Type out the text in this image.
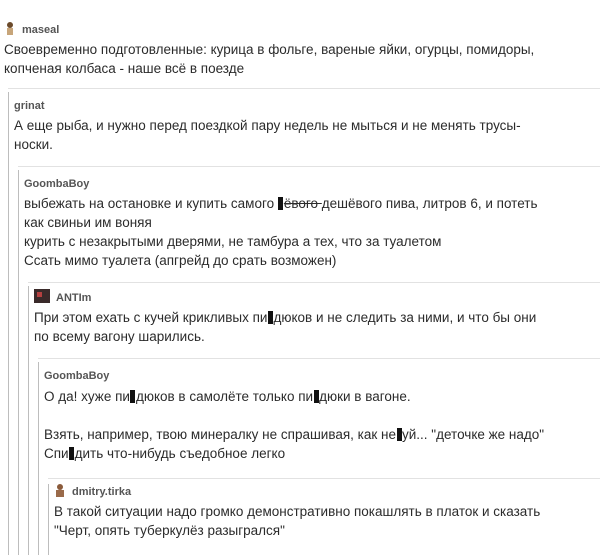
maseal
Своевременно подготовленные: курица в фольге, вареные яйки, огурцы, помидоры,
копченая колбаса - наше всё в поезде
grinat
А еще рыба, и нужно перед поездкой пару недель не мыться и не менять трусы-
носки.
GoombaBoy
выбежать на остановке и купить самого ёвого дешёвого пива, литров 6, и потеть
как свиньи им воняя
курить с незакрытыми дверями, не тамбура а тех, что за туалетом
Ссать мимо туалета (апгрейд до срать возможен)
ANTIm
При этом ехать с кучей крикливых пи дюков и не следить за ними, и что бы они
по всему вагону шарились.
GoombaBoy
О да! хуже пи дюков в самолёте только пи дюки в вагоне.
Взять, например, твою минералку не спрашивая, как не уй... "деточке же надо"
Спи дить что-нибудь съедобное легко
dmitry.tirka
В такой ситуации надо громко демонстративно покашлять в платок и сказать
"Черт, опять туберкулёз разыгрался"
